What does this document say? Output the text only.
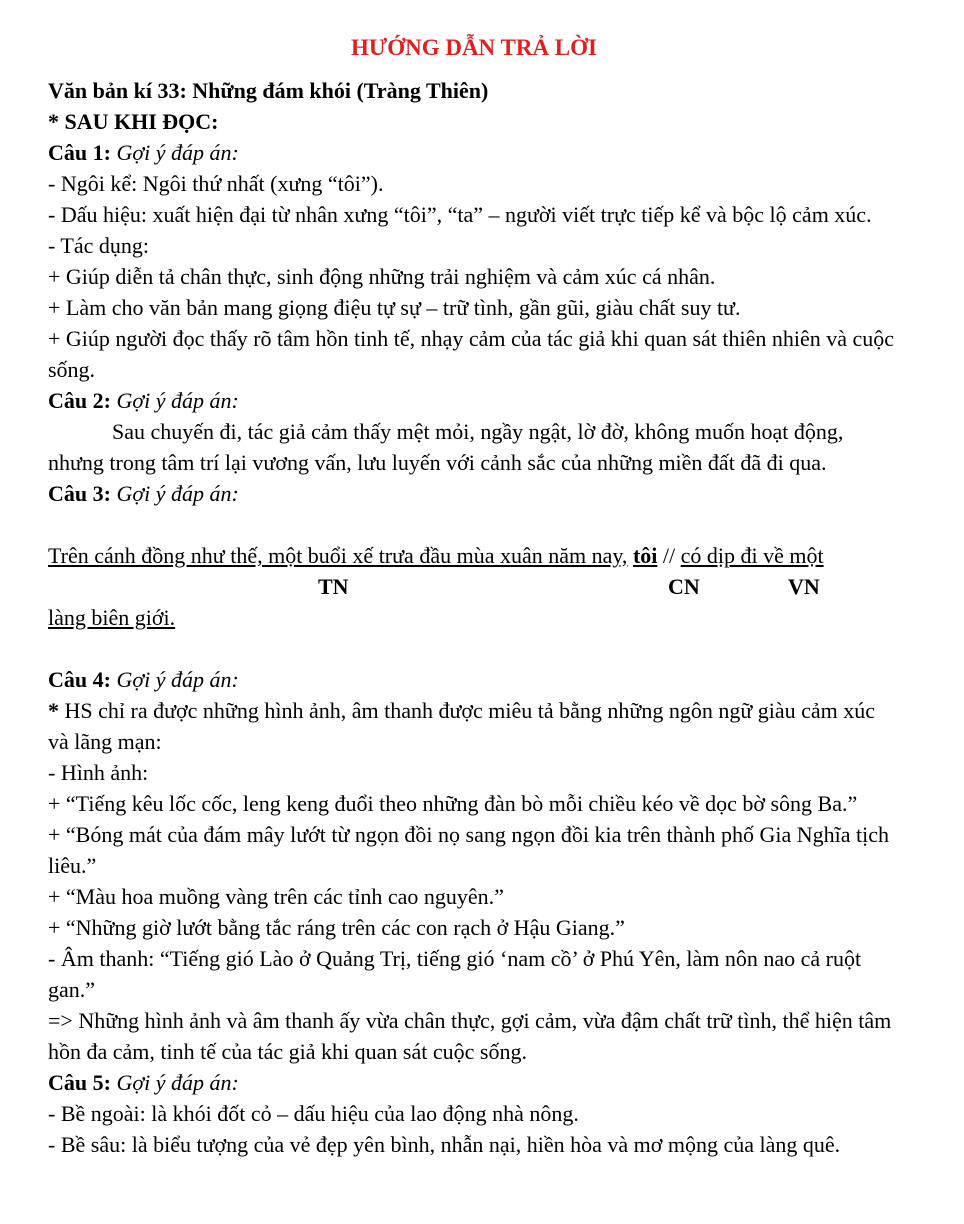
HƯỚNG DẪN TRẢ LỜI
Văn bản kí 33: Những đám khói (Tràng Thiên)
* SAU KHI ĐỌC:
Câu 1: Gợi ý đáp án:
- Ngôi kể: Ngôi thứ nhất (xưng “tôi”).
- Dấu hiệu: xuất hiện đại từ nhân xưng “tôi”, “ta” – người viết trực tiếp kể và bộc lộ cảm xúc.
- Tác dụng:
+ Giúp diễn tả chân thực, sinh động những trải nghiệm và cảm xúc cá nhân.
+ Làm cho văn bản mang giọng điệu tự sự – trữ tình, gần gũi, giàu chất suy tư.
+ Giúp người đọc thấy rõ tâm hồn tinh tế, nhạy cảm của tác giả khi quan sát thiên nhiên và cuộc sống.
Câu 2: Gợi ý đáp án:
Sau chuyến đi, tác giả cảm thấy mệt mỏi, ngầy ngật, lờ đờ, không muốn hoạt động, nhưng trong tâm trí lại vương vấn, lưu luyến với cảnh sắc của những miền đất đã đi qua.
Câu 3: Gợi ý đáp án:
Trên cánh đồng như thế, một buổi xế trưa đầu mùa xuân năm nay, tôi // có dịp đi về một
TN	CN	VN
làng biên giới.
Câu 4: Gợi ý đáp án:
* HS chỉ ra được những hình ảnh, âm thanh được miêu tả bằng những ngôn ngữ giàu cảm xúc và lãng mạn:
- Hình ảnh:
+ “Tiếng kêu lốc cốc, leng keng đuổi theo những đàn bò mỗi chiều kéo về dọc bờ sông Ba.”
+ “Bóng mát của đám mây lướt từ ngọn đồi nọ sang ngọn đồi kia trên thành phố Gia Nghĩa tịch liêu.”
+ “Màu hoa muồng vàng trên các tỉnh cao nguyên.”
+ “Những giờ lướt bằng tắc ráng trên các con rạch ở Hậu Giang.”
- Âm thanh: “Tiếng gió Lào ở Quảng Trị, tiếng gió ‘nam cồ’ ở Phú Yên, làm nôn nao cả ruột gan.”
=> Những hình ảnh và âm thanh ấy vừa chân thực, gợi cảm, vừa đậm chất trữ tình, thể hiện tâm hồn đa cảm, tinh tế của tác giả khi quan sát cuộc sống.
Câu 5: Gợi ý đáp án:
- Bề ngoài: là khói đốt cỏ – dấu hiệu của lao động nhà nông.
- Bề sâu: là biểu tượng của vẻ đẹp yên bình, nhẫn nại, hiền hòa và mơ mộng của làng quê.
